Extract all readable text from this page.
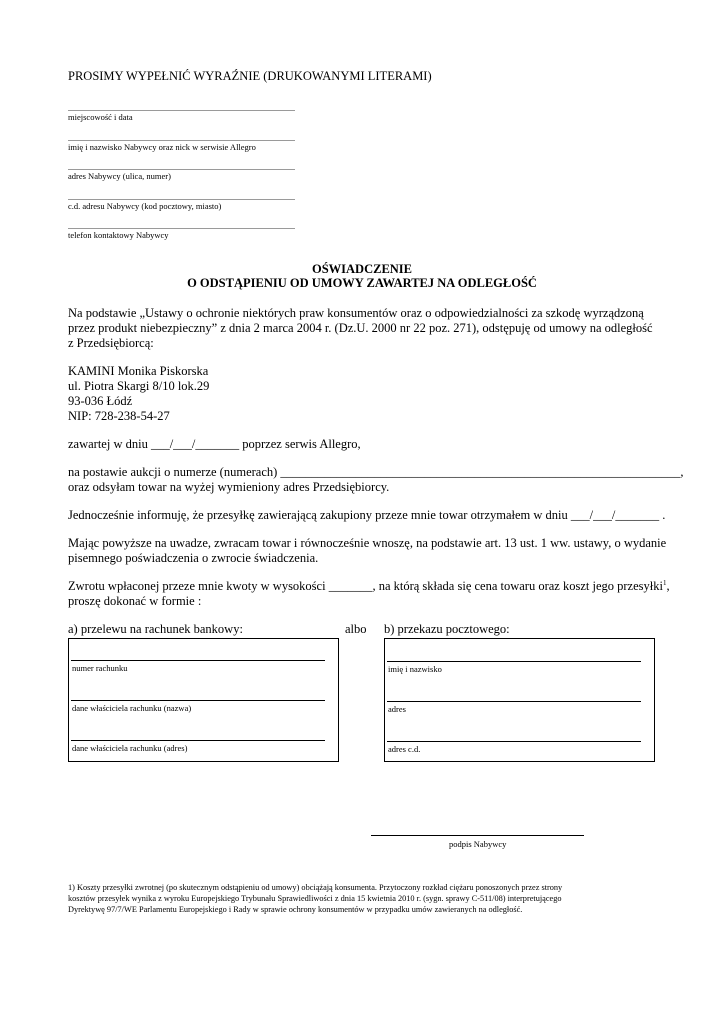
PROSIMY WYPEŁNIĆ WYRAŹNIE (DRUKOWANYMI LITERAMI)
miejscowość i data
imię i nazwisko Nabywcy oraz nick w serwisie Allegro
adres Nabywcy (ulica, numer)
c.d. adresu Nabywcy (kod pocztowy, miasto)
telefon kontaktowy Nabywcy
OŚWIADCZENIE
O ODSTĄPIENIU OD UMOWY ZAWARTEJ NA ODLEGŁOŚĆ
Na podstawie „Ustawy o ochronie niektórych praw konsumentów oraz o odpowiedzialności za szkodę wyrządzoną
przez produkt niebezpieczny” z dnia 2 marca 2004 r. (Dz.U. 2000 nr 22 poz. 271), odstępuję od umowy na odległość
z Przedsiębiorcą:
KAMINI Monika Piskorska
ul. Piotra Skargi 8/10 lok.29
93-036 Łódź
NIP: 728-238-54-27
zawartej w dniu ___/___/_______ poprzez serwis Allegro,
na postawie aukcji o numerze (numerach) ________________________________________________________________,
oraz odsyłam towar na wyżej wymieniony adres Przedsiębiorcy.
Jednocześnie informuję, że przesyłkę zawierającą zakupiony przeze mnie towar otrzymałem w dniu ___/___/_______ .
Mając powyższe na uwadze, zwracam towar i równocześnie wnoszę, na podstawie art. 13 ust. 1 ww. ustawy, o wydanie
pisemnego poświadczenia o zwrocie świadczenia.
Zwrotu wpłaconej przeze mnie kwoty w wysokości _______, na którą składa się cena towaru oraz koszt jego przesyłki$^1$,
proszę dokonać w formie :
a) przelewu na rachunek bankowy:	albo b) przekazu pocztowego:
numer rachunku
dane właściciela rachunku (nazwa)
dane właściciela rachunku (adres)
imię i nazwisko
adres
adres c.d.
podpis Nabywcy
1) Koszty przesyłki zwrotnej (po skutecznym odstąpieniu od umowy) obciążają konsumenta. Przytoczony rozkład ciężaru ponoszonych przez strony
kosztów przesyłek wynika z wyroku Europejskiego Trybunału Sprawiedliwości z dnia 15 kwietnia 2010 r. (sygn. sprawy C-511/08) interpretującego
Dyrektywę 97/7/WE Parlamentu Europejskiego i Rady w sprawie ochrony konsumentów w przypadku umów zawieranych na odległość.
